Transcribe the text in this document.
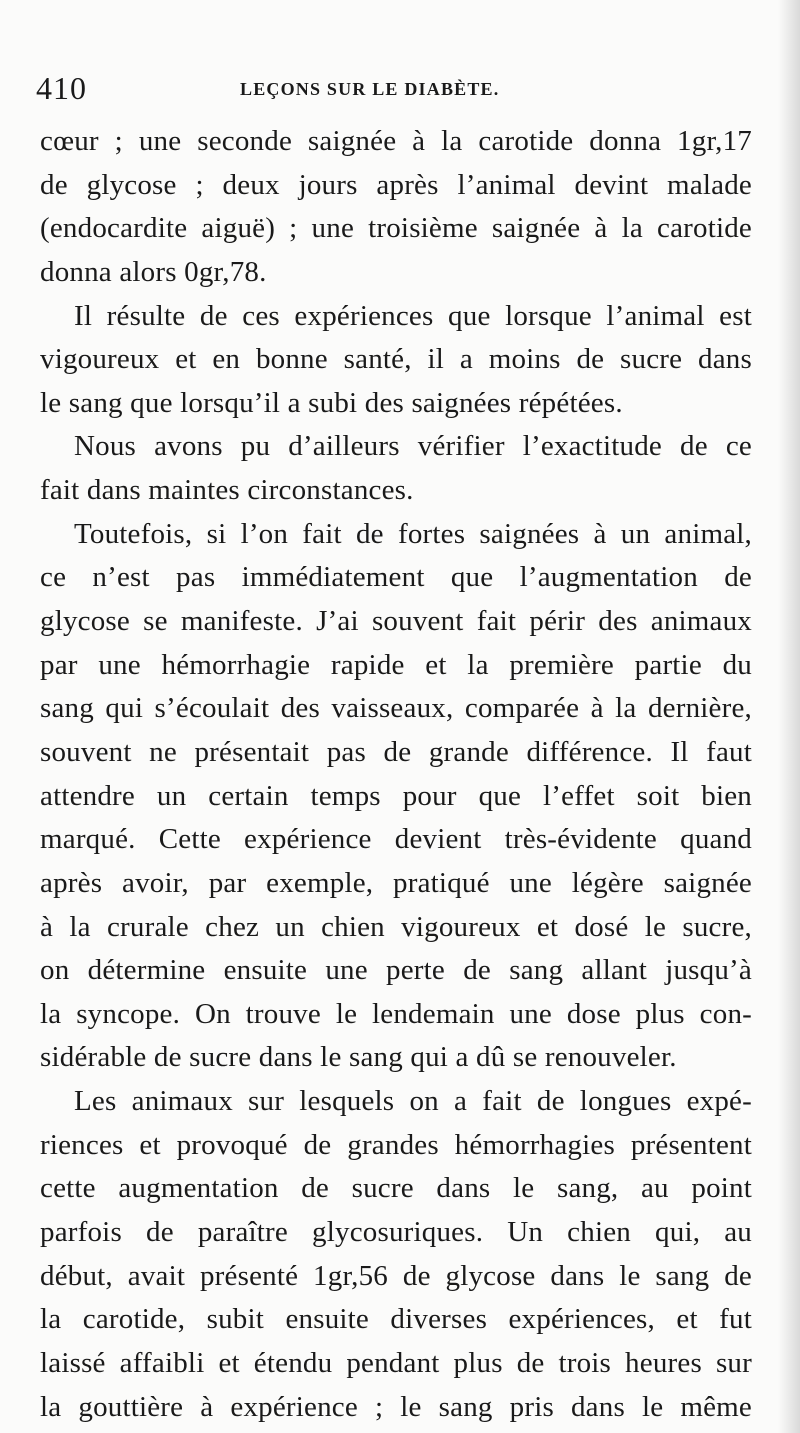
410	LEÇONS SUR LE DIABÈTE.
cœur ; une seconde saignée à la carotide donna 1gr,17
de glycose ; deux jours après l’animal devint malade
(endocardite aiguë) ; une troisième saignée à la carotide
donna alors 0gr,78.
Il résulte de ces expériences que lorsque l’animal est
vigoureux et en bonne santé, il a moins de sucre dans
le sang que lorsqu’il a subi des saignées répétées.
Nous avons pu d’ailleurs vérifier l’exactitude de ce
fait dans maintes circonstances.
Toutefois, si l’on fait de fortes saignées à un animal,
ce n’est pas immédiatement que l’augmentation de
glycose se manifeste. J’ai souvent fait périr des animaux
par une hémorrhagie rapide et la première partie du
sang qui s’écoulait des vaisseaux, comparée à la dernière,
souvent ne présentait pas de grande différence. Il faut
attendre un certain temps pour que l’effet soit bien
marqué. Cette expérience devient très-évidente quand
après avoir, par exemple, pratiqué une légère saignée
à la crurale chez un chien vigoureux et dosé le sucre,
on détermine ensuite une perte de sang allant jusqu’à
la syncope. On trouve le lendemain une dose plus con-
sidérable de sucre dans le sang qui a dû se renouveler.
Les animaux sur lesquels on a fait de longues expé-
riences et provoqué de grandes hémorrhagies présentent
cette augmentation de sucre dans le sang, au point
parfois de paraître glycosuriques. Un chien qui, au
début, avait présenté 1gr,56 de glycose dans le sang de
la carotide, subit ensuite diverses expériences, et fut
laissé affaibli et étendu pendant plus de trois heures sur
la gouttière à expérience ; le sang pris dans le même
